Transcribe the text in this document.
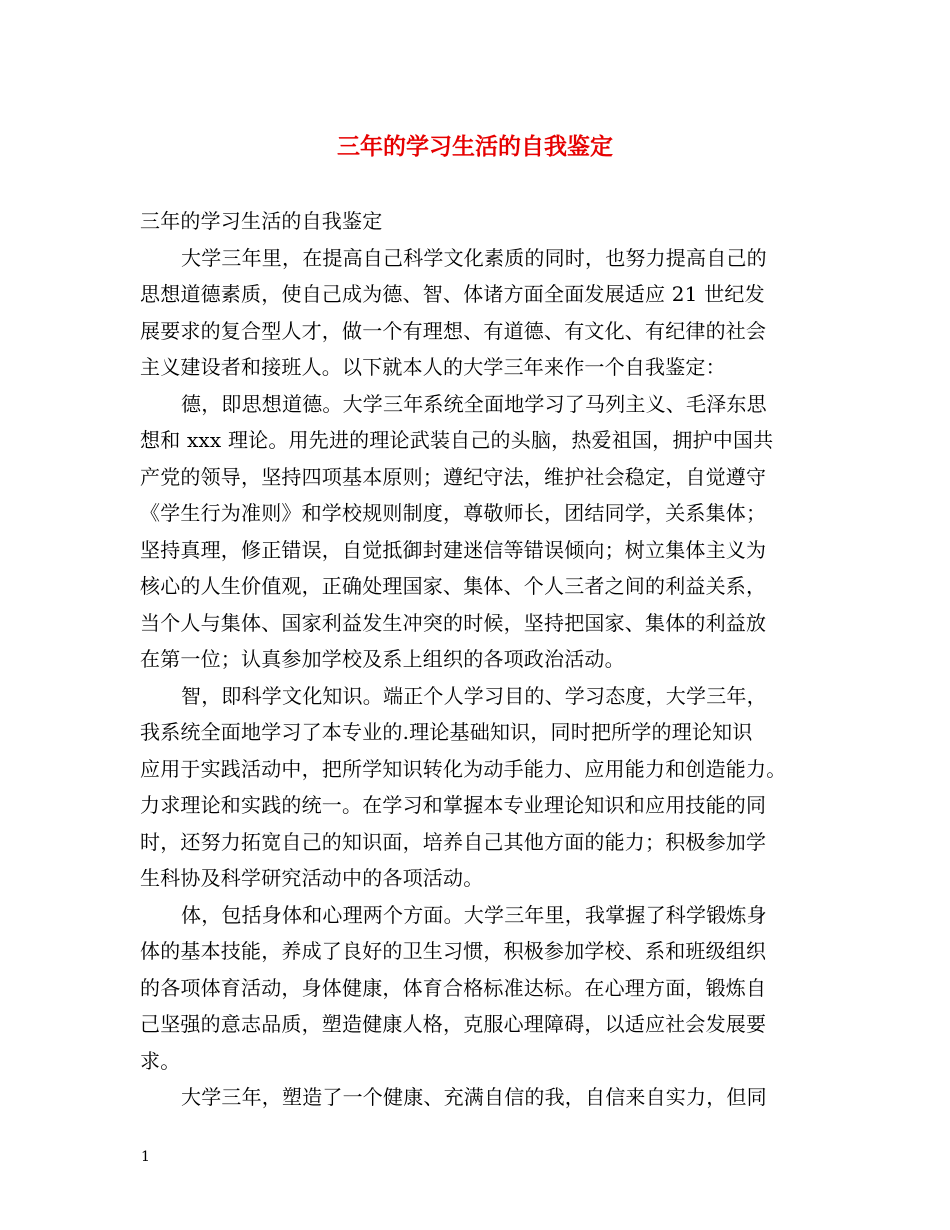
三年的学习生活的自我鉴定
三年的学习生活的自我鉴定
大学三年里，在提高自己科学文化素质的同时，也努力提高自己的
思想道德素质，使自己成为德、智、体诸方面全面发展适应 21 世纪发
展要求的复合型人才，做一个有理想、有道德、有文化、有纪律的社会
主义建设者和接班人。以下就本人的大学三年来作一个自我鉴定：
德，即思想道德。大学三年系统全面地学习了马列主义、毛泽东思
想和 xxx 理论。用先进的理论武装自己的头脑，热爱祖国，拥护中国共
产党的领导，坚持四项基本原则；遵纪守法，维护社会稳定，自觉遵守
《学生行为准则》和学校规则制度，尊敬师长，团结同学，关系集体；
坚持真理，修正错误，自觉抵御封建迷信等错误倾向；树立集体主义为
核心的人生价值观，正确处理国家、集体、个人三者之间的利益关系，
当个人与集体、国家利益发生冲突的时候，坚持把国家、集体的利益放
在第一位；认真参加学校及系上组织的各项政治活动。
智，即科学文化知识。端正个人学习目的、学习态度，大学三年，
我系统全面地学习了本专业的.理论基础知识，同时把所学的理论知识
应用于实践活动中，把所学知识转化为动手能力、应用能力和创造能力。
力求理论和实践的统一。在学习和掌握本专业理论知识和应用技能的同
时，还努力拓宽自己的知识面，培养自己其他方面的能力；积极参加学
生科协及科学研究活动中的各项活动。
体，包括身体和心理两个方面。大学三年里，我掌握了科学锻炼身
体的基本技能，养成了良好的卫生习惯，积极参加学校、系和班级组织
的各项体育活动，身体健康，体育合格标准达标。在心理方面，锻炼自
己坚强的意志品质，塑造健康人格，克服心理障碍，以适应社会发展要
求。
大学三年，塑造了一个健康、充满自信的我，自信来自实力，但同
1
